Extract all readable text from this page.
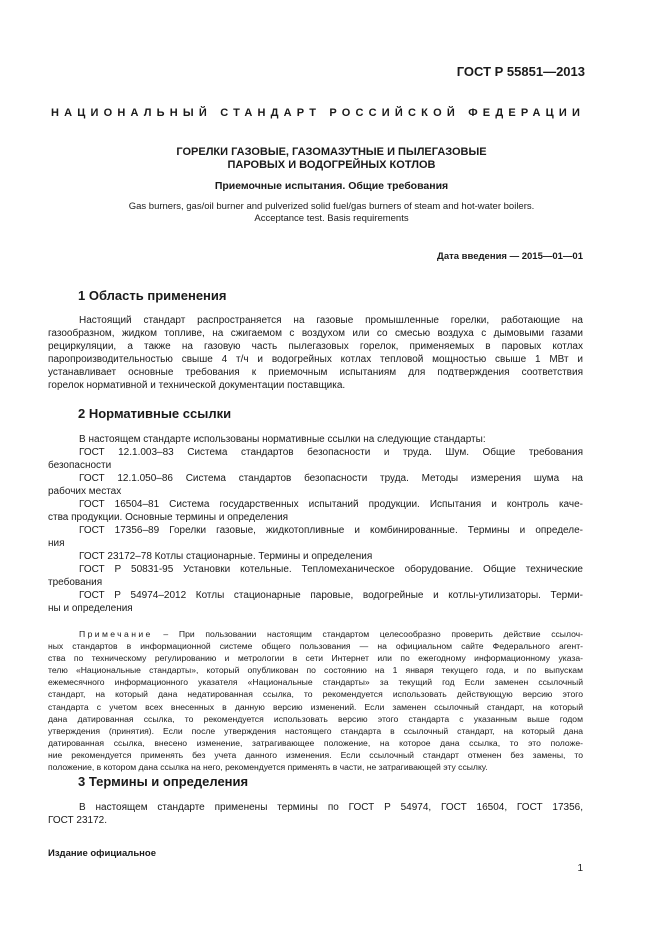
ГОСТ Р 55851—2013
НАЦИОНАЛЬНЫЙ СТАНДАРТ РОССИЙСКОЙ ФЕДЕРАЦИИ
ГОРЕЛКИ ГАЗОВЫЕ, ГАЗОМАЗУТНЫЕ И ПЫЛЕГАЗОВЫЕ
ПАРОВЫХ И ВОДОГРЕЙНЫХ КОТЛОВ
Приемочные испытания. Общие требования
Gas burners, gas/oil burner and pulverized solid fuel/gas burners of steam and hot-water boilers.
Acceptance test. Basis requirements
Дата введения — 2015—01—01
1 Область применения
Настоящий стандарт распространяется на газовые промышленные горелки, работающие на
газообразном, жидком топливе, на сжигаемом с воздухом или со смесью воздуха с дымовыми газами
рециркуляции, а также на газовую часть пылегазовых горелок, применяемых в паровых котлах
паропроизводительностью свыше 4 т/ч и водогрейных котлах тепловой мощностью свыше 1 МВт и
устанавливает основные требования к приемочным испытаниям для подтверждения соответствия
горелок нормативной и технической документации поставщика.
2 Нормативные ссылки
В настоящем стандарте использованы нормативные ссылки на следующие стандарты:
ГОСТ 12.1.003–83 Система стандартов безопасности и труда. Шум. Общие требования
безопасности
ГОСТ 12.1.050–86 Система стандартов безопасности труда. Методы измерения шума на
рабочих местах
ГОСТ 16504–81 Система государственных испытаний продукции. Испытания и контроль каче-
ства продукции. Основные термины и определения
ГОСТ 17356–89 Горелки газовые, жидкотопливные и комбинированные. Термины и определе-
ния
ГОСТ 23172–78 Котлы стационарные. Термины и определения
ГОСТ Р 50831-95 Установки котельные. Тепломеханическое оборудование. Общие технические
требования
ГОСТ Р 54974–2012 Котлы стационарные паровые, водогрейные и котлы-утилизаторы. Терми-
ны и определения
Примечание – При пользовании настоящим стандартом целесообразно проверить действие ссылоч-
ных стандартов в информационной системе общего пользования — на официальном сайте Федерального агент-
ства по техническому регулированию и метрологии в сети Интернет или по ежегодному информационному указа-
телю «Национальные стандарты», который опубликован по состоянию на 1 января текущего года, и по выпускам
ежемесячного информационного указателя «Национальные стандарты» за текущий год Если заменен ссылочный
стандарт, на который дана недатированная ссылка, то рекомендуется использовать действующую версию этого
стандарта с учетом всех внесенных в данную версию изменений. Если заменен ссылочный стандарт, на который
дана датированная ссылка, то рекомендуется использовать версию этого стандарта с указанным выше годом
утверждения (принятия). Если после утверждения настоящего стандарта в ссылочный стандарт, на который дана
датированная ссылка, внесено изменение, затрагивающее положение, на которое дана ссылка, то это положе-
ние рекомендуется применять без учета данного изменения. Если ссылочный стандарт отменен без замены, то
положение, в котором дана ссылка на него, рекомендуется применять в части, не затрагивающей эту ссылку.
3 Термины и определения
В настоящем стандарте применены термины по ГОСТ Р 54974, ГОСТ 16504, ГОСТ 17356,
ГОСТ 23172.
Издание официальное
1
